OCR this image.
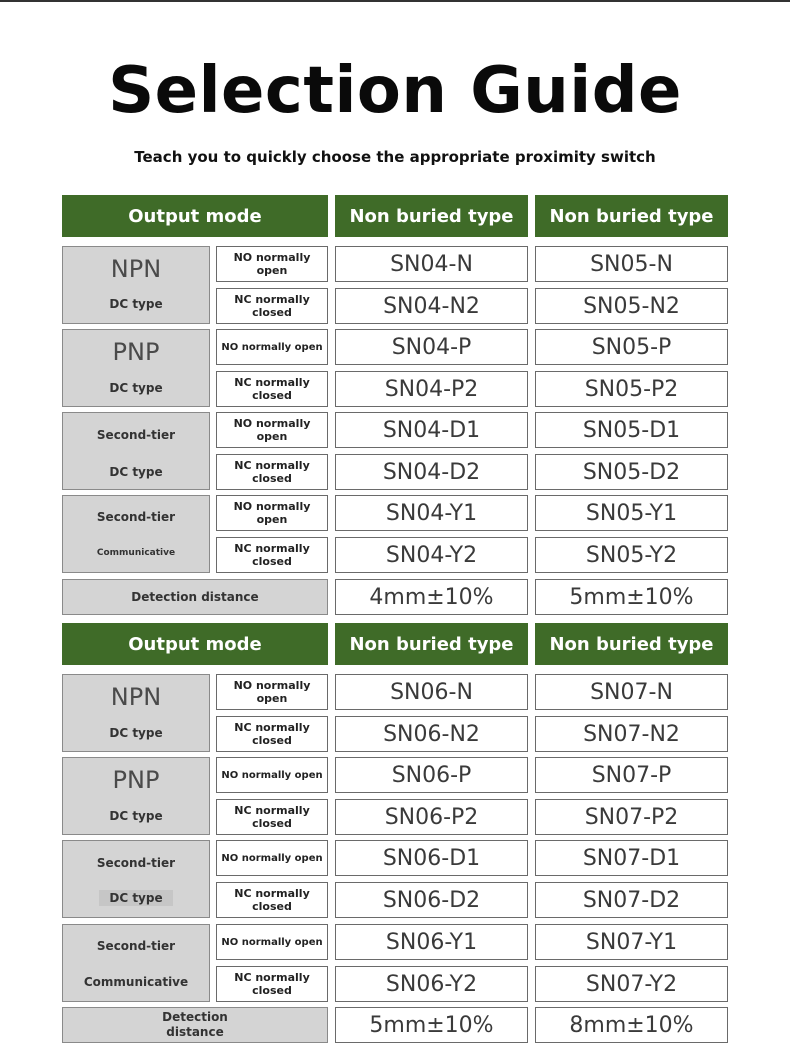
Selection Guide
Teach you to quickly choose the appropriate proximity switch
Output mode	Non buried type	Non buried type
NPN
DC type
NO normally open	SN04-N	SN05-N
NC normally closed	SN04-N2	SN05-N2
PNP
DC type
NO normally open	SN04-P	SN05-P
NC normally closed	SN04-P2	SN05-P2
Second-tier
DC type
NO normally open	SN04-D1	SN05-D1
NC normally closed	SN04-D2	SN05-D2
Second-tier
Communicative
NO normally open	SN04-Y1	SN05-Y1
NC normally closed	SN04-Y2	SN05-Y2
Detection distance	4mm±10%	5mm±10%
Output mode	Non buried type	Non buried type
NPN
DC type
NO normally open	SN06-N	SN07-N
NC normally closed	SN06-N2	SN07-N2
PNP
DC type
NO normally open	SN06-P	SN07-P
NC normally closed	SN06-P2	SN07-P2
Second-tier
DC type
NO normally open	SN06-D1	SN07-D1
NC normally closed	SN06-D2	SN07-D2
Second-tier
Communicative
NO normally open	SN06-Y1	SN07-Y1
NC normally closed	SN06-Y2	SN07-Y2
Detection distance	5mm±10%	8mm±10%
